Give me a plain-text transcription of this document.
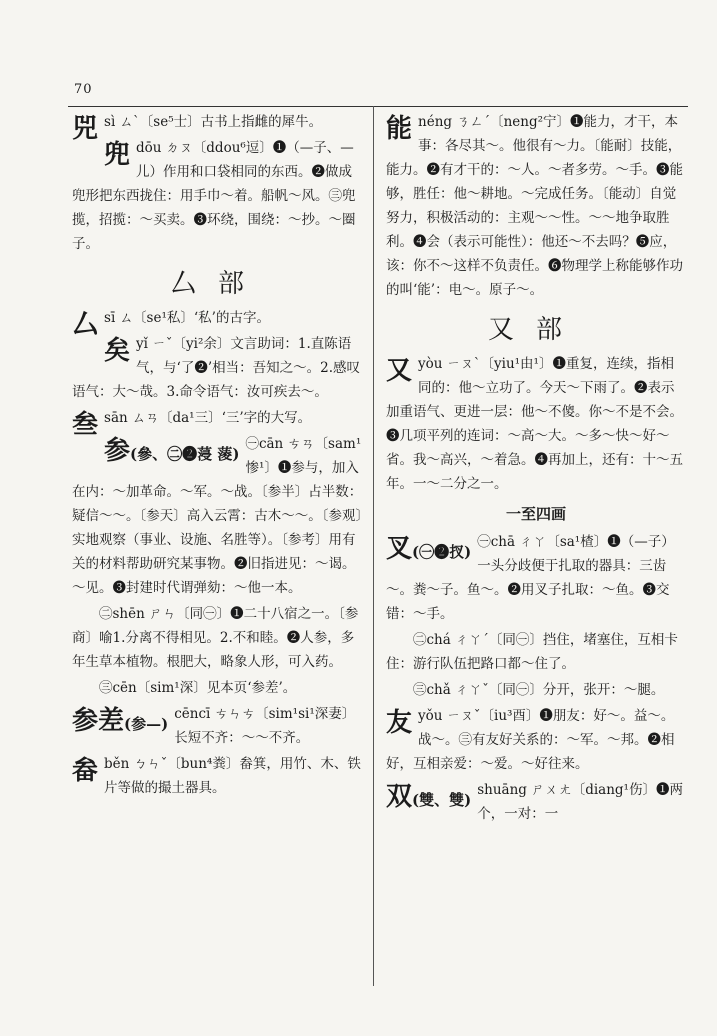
70
兕 sì ㄙˋ〔se⁵士〕古书上指雌的犀牛。
兜 dōu ㄉㄡ〔ddou⁶逗〕❶（—子、—儿）作用和口袋相同的东西。❷做成兜形把东西拢住：用手巾～着。船帆～风。㊂兜揽，招揽：～买卖。❸环绕，围绕：～抄。～圈子。
厶部
厶 sī ㄙ〔se¹私〕‘私’的古字。
矣 yǐ ㄧˇ〔yi²余〕文言助词：1.直陈语气，与‘了❷’相当：吾知之～。2.感叹语气：大～哉。3.命令语气：汝可疾去～。
叁 sān ㄙㄢ〔da¹三〕‘三’字的大写。
参(參、㊁❷蓡 蔆)
㊀cān ㄘㄢ〔sam¹惨¹〕❶参与，加入在内：～加革命。～军。～战。〔参半〕占半数：疑信～～。〔参天〕高入云霄：古木～～。〔参观〕实地观察（事业、设施、名胜等）。〔参考〕用有关的材料帮助研究某事物。❷旧指进见：～谒。～见。❸封建时代谓弹劾：～他一本。
㊁shēn ㄕㄣ〔同㊀〕❶二十八宿之一。〔参商〕喻1.分离不得相见。2.不和睦。❷人参，多年生草本植物。根肥大，略象人形，可入药。
㊂cēn〔sim¹深〕见本页‘参差’。
参差(参—)
cēncī ㄘㄣㄘ〔sim¹si¹深妻〕长短不齐：～～不齐。
畚 běn ㄅㄣˇ〔bun⁴粪〕畚箕，用竹、木、铁片等做的撮土器具。
能 néng ㄋㄥˊ〔neng²宁〕❶能力，才干，本事：各尽其～。他很有～力。〔能耐〕技能，能力。❷有才干的：～人。～者多劳。～手。❸能够，胜任：他～耕地。～完成任务。〔能动〕自觉努力，积极活动的：主观～～性。～～地争取胜利。❹会（表示可能性）：他还～不去吗？❺应，该：你不～这样不负责任。❻物理学上称能够作功的叫‘能’：电～。原子～。
又部
又 yòu ㄧㄡˋ〔yiu¹由¹〕❶重复，连续，指相同的：他～立功了。今天～下雨了。❷表示加重语气、更进一层：他～不傻。你～不是不会。❸几项平列的连词：～高～大。～多～快～好～省。我～高兴，～着急。❹再加上，还有：十～五年。一～二分之一。
一至四画
叉(㊀❷扠)
㊀chā ㄔㄚ〔sa¹楂〕❶（—子）一头分歧便于扎取的器具：三齿～。粪～子。鱼～。❷用叉子扎取：～鱼。❸交错：～手。
㊁chá ㄔㄚˊ〔同㊀〕挡住，堵塞住，互相卡住：游行队伍把路口都～住了。
㊂chǎ ㄔㄚˇ〔同㊀〕分开，张开：～腿。
友 yǒu ㄧㄡˇ〔iu³酉〕❶朋友：好～。益～。战～。㊂有友好关系的：～军。～邦。❷相好，互相亲爱：～爱。～好往来。
双(雙、雙)
shuāng ㄕㄨㄤ〔diang¹伤〕❶两个，一对：一
